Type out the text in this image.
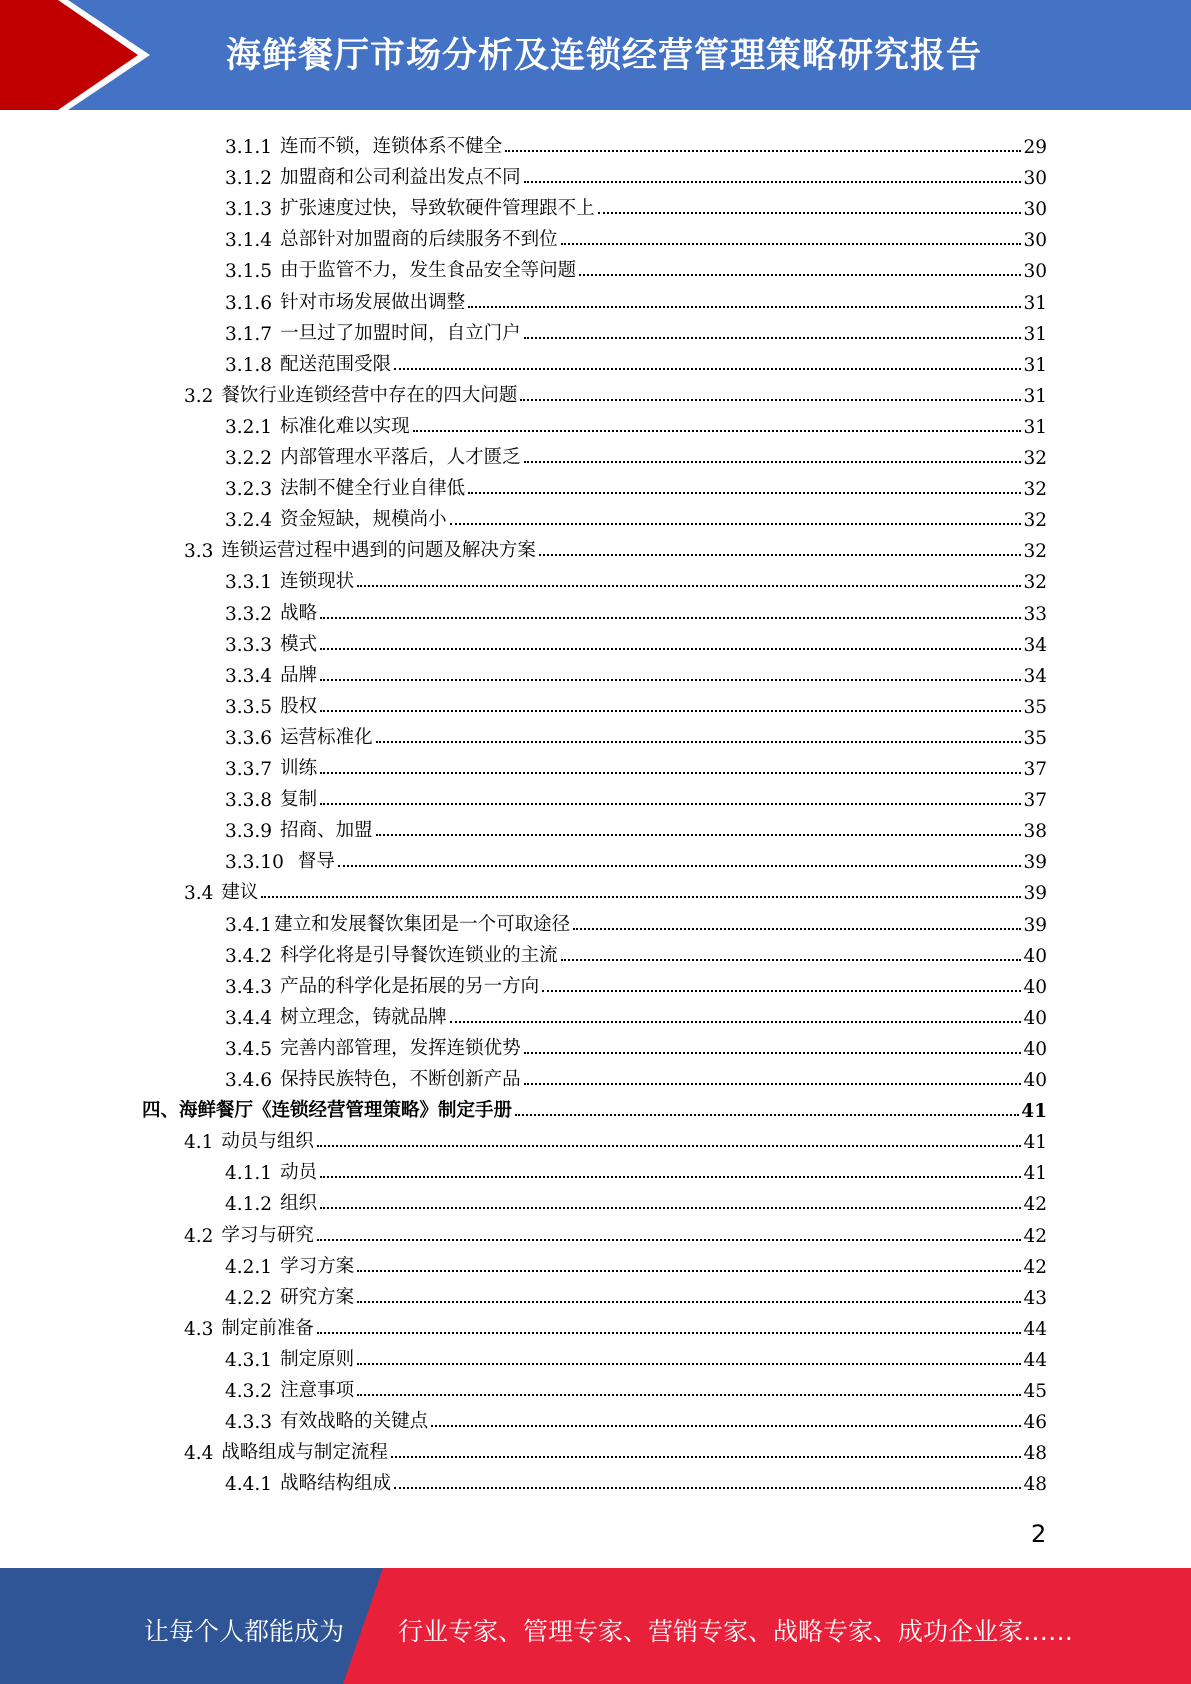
海鲜餐厅市场分析及连锁经营管理策略研究报告
3.1.1 连而不锁，连锁体系不健全	29
3.1.2 加盟商和公司利益出发点不同	30
3.1.3 扩张速度过快，导致软硬件管理跟不上	30
3.1.4 总部针对加盟商的后续服务不到位	30
3.1.5 由于监管不力，发生食品安全等问题	30
3.1.6 针对市场发展做出调整	31
3.1.7 一旦过了加盟时间，自立门户	31
3.1.8 配送范围受限	31
3.2 餐饮行业连锁经营中存在的四大问题	31
3.2.1 标准化难以实现	31
3.2.2 内部管理水平落后，人才匮乏	32
3.2.3 法制不健全行业自律低	32
3.2.4 资金短缺，规模尚小	32
3.3 连锁运营过程中遇到的问题及解决方案	32
3.3.1 连锁现状	32
3.3.2 战略	33
3.3.3 模式	34
3.3.4 品牌	34
3.3.5 股权	35
3.3.6 运营标准化	35
3.3.7 训练	37
3.3.8 复制	37
3.3.9 招商、加盟	38
3.3.10 督导	39
3.4 建议	39
3.4.1 建立和发展餐饮集团是一个可取途径	39
3.4.2 科学化将是引导餐饮连锁业的主流	40
3.4.3 产品的科学化是拓展的另一方向	40
3.4.4 树立理念，铸就品牌	40
3.4.5 完善内部管理，发挥连锁优势	40
3.4.6 保持民族特色，不断创新产品	40
四、 海鲜餐厅《连锁经营管理策略》制定手册	41
4.1 动员与组织	41
4.1.1 动员	41
4.1.2 组织	42
4.2 学习与研究	42
4.2.1 学习方案	42
4.2.2 研究方案	43
4.3 制定前准备	44
4.3.1 制定原则	44
4.3.2 注意事项	45
4.3.3 有效战略的关键点	46
4.4 战略组成与制定流程	48
4.4.1 战略结构组成	48
2
让每个人都能成为 行业专家、管理专家、营销专家、战略专家、成功企业家……
